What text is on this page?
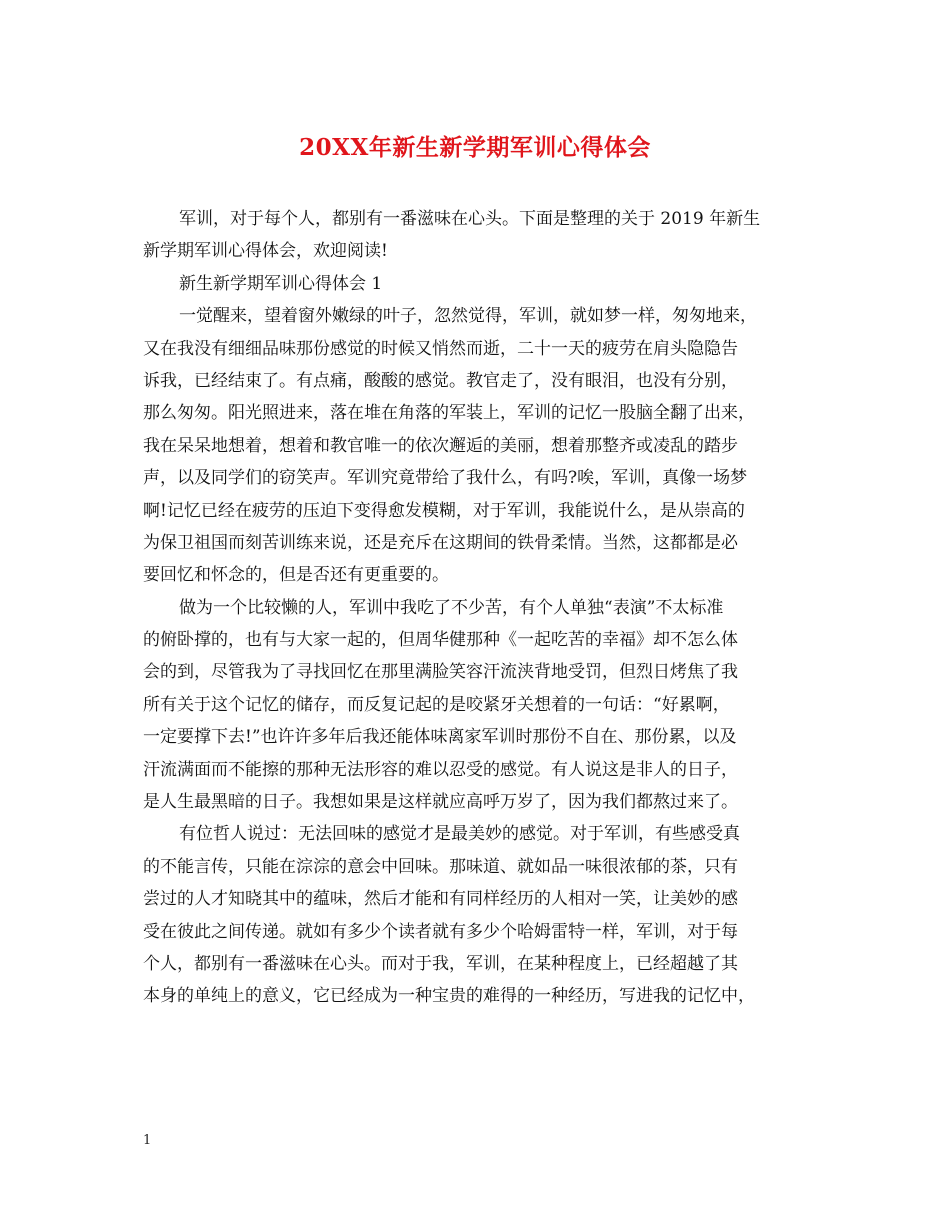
20XX年新生新学期军训心得体会
军训，对于每个人，都别有一番滋味在心头。下面是整理的关于 2019 年新生
新学期军训心得体会，欢迎阅读!
新生新学期军训心得体会 1
一觉醒来，望着窗外嫩绿的叶子，忽然觉得，军训，就如梦一样，匆匆地来，
又在我没有细细品味那份感觉的时候又悄然而逝，二十一天的疲劳在肩头隐隐告
诉我，已经结束了。有点痛，酸酸的感觉。教官走了，没有眼泪，也没有分别，
那么匆匆。阳光照进来，落在堆在角落的军装上，军训的记忆一股脑全翻了出来，
我在呆呆地想着，想着和教官唯一的依次邂逅的美丽，想着那整齐或凌乱的踏步
声，以及同学们的窃笑声。军训究竟带给了我什么，有吗?唉，军训，真像一场梦
啊!记忆已经在疲劳的压迫下变得愈发模糊，对于军训，我能说什么，是从崇高的
为保卫祖国而刻苦训练来说，还是充斥在这期间的铁骨柔情。当然，这都都是必
要回忆和怀念的，但是否还有更重要的。
做为一个比较懒的人，军训中我吃了不少苦，有个人单独“表演”不太标准
的俯卧撑的，也有与大家一起的，但周华健那种《一起吃苦的幸福》却不怎么体
会的到，尽管我为了寻找回忆在那里满脸笑容汗流浃背地受罚，但烈日烤焦了我
所有关于这个记忆的储存，而反复记起的是咬紧牙关想着的一句话：“好累啊，
一定要撑下去!”也许许多年后我还能体味离家军训时那份不自在、那份累，以及
汗流满面而不能擦的那种无法形容的难以忍受的感觉。有人说这是非人的日子，
是人生最黑暗的日子。我想如果是这样就应高呼万岁了，因为我们都熬过来了。
有位哲人说过：无法回味的感觉才是最美妙的感觉。对于军训，有些感受真
的不能言传，只能在淙淙的意会中回味。那味道、就如品一味很浓郁的茶，只有
尝过的人才知晓其中的蕴味，然后才能和有同样经历的人相对一笑，让美妙的感
受在彼此之间传递。就如有多少个读者就有多少个哈姆雷特一样，军训，对于每
个人，都别有一番滋味在心头。而对于我，军训，在某种程度上，已经超越了其
本身的单纯上的意义，它已经成为一种宝贵的难得的一种经历，写进我的记忆中，
1
